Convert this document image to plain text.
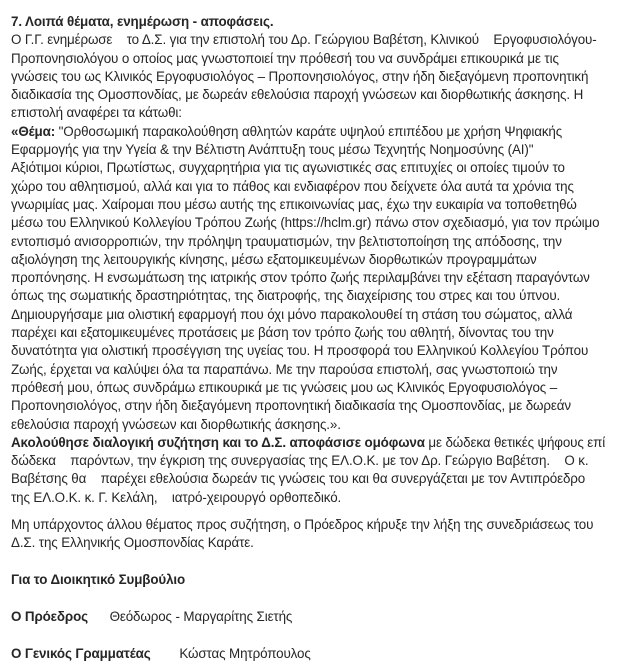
7. Λοιπά θέματα, ενημέρωση - αποφάσεις.
Ο Γ.Γ. ενημέρωσε    το Δ.Σ. για την επιστολή του Δρ. Γεώργιου Βαβέτση, Κλινικού    Εργοφυσιολόγου-
Προπονησιολόγου ο οποίος μας γνωστοποιεί την πρόθεσή του να συνδράμει επικουρικά με τις
γνώσεις του ως Κλινικός Εργοφυσιολόγος – Προπονησιολόγος, στην ήδη διεξαγόμενη προπονητική
διαδικασία της Ομοσπονδίας, με δωρεάν εθελούσια παροχή γνώσεων και διορθωτικής άσκησης. Η
επιστολή αναφέρει τα κάτωθι:
«Θέμα: "Ορθοσωμική παρακολούθηση αθλητών καράτε υψηλού επιπέδου με χρήση Ψηφιακής
Εφαρμογής για την Υγεία & την Βέλτιστη Ανάπτυξη τους μέσω Τεχνητής Νοημοσύνης (AI)"
Αξιότιμοι κύριοι, Πρωτίστως, συγχαρητήρια για τις αγωνιστικές σας επιτυχίες οι οποίες τιμούν το
χώρο του αθλητισμού, αλλά και για το πάθος και ενδιαφέρον που δείχνετε όλα αυτά τα χρόνια της
γνωριμίας μας. Χαίρομαι που μέσω αυτής της επικοινωνίας μας, έχω την ευκαιρία να τοποθετηθώ
μέσω του Ελληνικού Κολλεγίου Τρόπου Ζωής (https://hclm.gr) πάνω στον σχεδιασμό, για τον πρώιμο
εντοπισμό ανισορροπιών, την πρόληψη τραυματισμών, την βελτιστοποίηση της απόδοσης, την
αξιολόγηση της λειτουργικής κίνησης, μέσω εξατομικευμένων διορθωτικών προγραμμάτων
προπόνησης. Η ενσωμάτωση της ιατρικής στον τρόπο ζωής περιλαμβάνει την εξέταση παραγόντων
όπως της σωματικής δραστηριότητας, της διατροφής, της διαχείρισης του στρες και του ύπνου.
Δημιουργήσαμε μια ολιστική εφαρμογή που όχι μόνο παρακολουθεί τη στάση του σώματος, αλλά
παρέχει και εξατομικευμένες προτάσεις με βάση τον τρόπο ζωής του αθλητή, δίνοντας του την
δυνατότητα για ολιστική προσέγγιση της υγείας του. Η προσφορά του Ελληνικού Κολλεγίου Τρόπου
Ζωής, έρχεται να καλύψει όλα τα παραπάνω. Με την παρούσα επιστολή, σας γνωστοποιώ την
πρόθεσή μου, όπως συνδράμω επικουρικά με τις γνώσεις μου ως Κλινικός Εργοφυσιολόγος –
Προπονησιολόγος, στην ήδη διεξαγόμενη προπονητική διαδικασία της Ομοσπονδίας, με δωρεάν
εθελούσια παροχή γνώσεων και διορθωτικής άσκησης.».
Ακολούθησε διαλογική συζήτηση και το Δ.Σ. αποφάσισε ομόφωνα με δώδεκα θετικές ψήφους επί
δώδεκα    παρόντων, την έγκριση της συνεργασίας της ΕΛ.Ο.Κ. με τον Δρ. Γεώργιο Βαβέτση.    Ο κ.
Βαβέτσης θα    παρέχει εθελούσια δωρεάν τις γνώσεις του και θα συνεργάζεται με τον Αντιπρόεδρο
της ΕΛ.Ο.Κ. κ. Γ. Κελάλη,    ιατρό-χειρουργό ορθοπεδικό.
Μη υπάρχοντος άλλου θέματος προς συζήτηση, ο Πρόεδρος κήρυξε την λήξη της συνεδριάσεως του
Δ.Σ. της Ελληνικής Ομοσπονδίας Καράτε.
Για το Διοικητικό Συμβούλιο
Ο Πρόεδρος      Θεόδωρος - Μαργαρίτης Σιετής
Ο Γενικός Γραμματέας        Κώστας Μητρόπουλος
